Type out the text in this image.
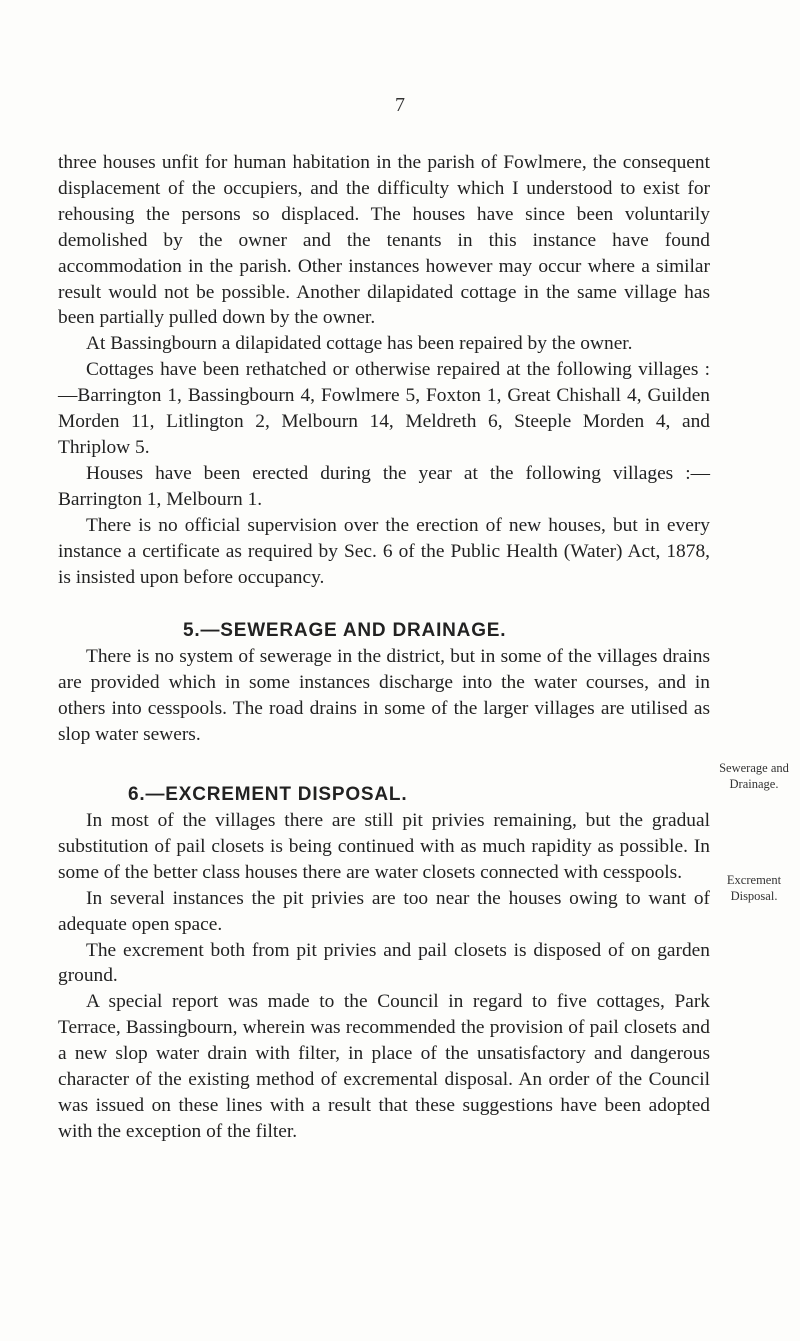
7

three houses unfit for human habitation in the parish of Fowlmere, the consequent displacement of the occupiers, and the difficulty which I understood to exist for rehousing the persons so displaced. The houses have since been voluntarily demolished by the owner and the tenants in this instance have found accommodation in the parish. Other instances however may occur where a similar result would not be possible. Another dilapidated cottage in the same village has been partially pulled down by the owner.

At Bassingbourn a dilapidated cottage has been repaired by the owner.

Cottages have been rethatched or otherwise repaired at the following villages :—Barrington 1, Bassingbourn 4, Fowlmere 5, Foxton 1, Great Chishall 4, Guilden Morden 11, Litlington 2, Melbourn 14, Meldreth 6, Steeple Morden 4, and Thriplow 5.

Houses have been erected during the year at the following villages :—Barrington 1, Melbourn 1.

There is no official supervision over the erection of new houses, but in every instance a certificate as required by Sec. 6 of the Public Health (Water) Act, 1878, is insisted upon before occupancy.

5.—SEWERAGE AND DRAINAGE.

There is no system of sewerage in the district, but in some of the villages drains are provided which in some instances discharge into the water courses, and in others into cesspools. The road drains in some of the larger villages are utilised as slop water sewers.

6.—EXCREMENT DISPOSAL.

In most of the villages there are still pit privies remaining, but the gradual substitution of pail closets is being continued with as much rapidity as possible. In some of the better class houses there are water closets connected with cesspools.

In several instances the pit privies are too near the houses owing to want of adequate open space.

The excrement both from pit privies and pail closets is disposed of on garden ground.

A special report was made to the Council in regard to five cottages, Park Terrace, Bassingbourn, wherein was recommended the provision of pail closets and a new slop water drain with filter, in place of the unsatisfactory and dangerous character of the existing method of excremental disposal. An order of the Council was issued on these lines with a result that these suggestions have been adopted with the exception of the filter.

Sewerage and Drainage.
Excrement Disposal.
